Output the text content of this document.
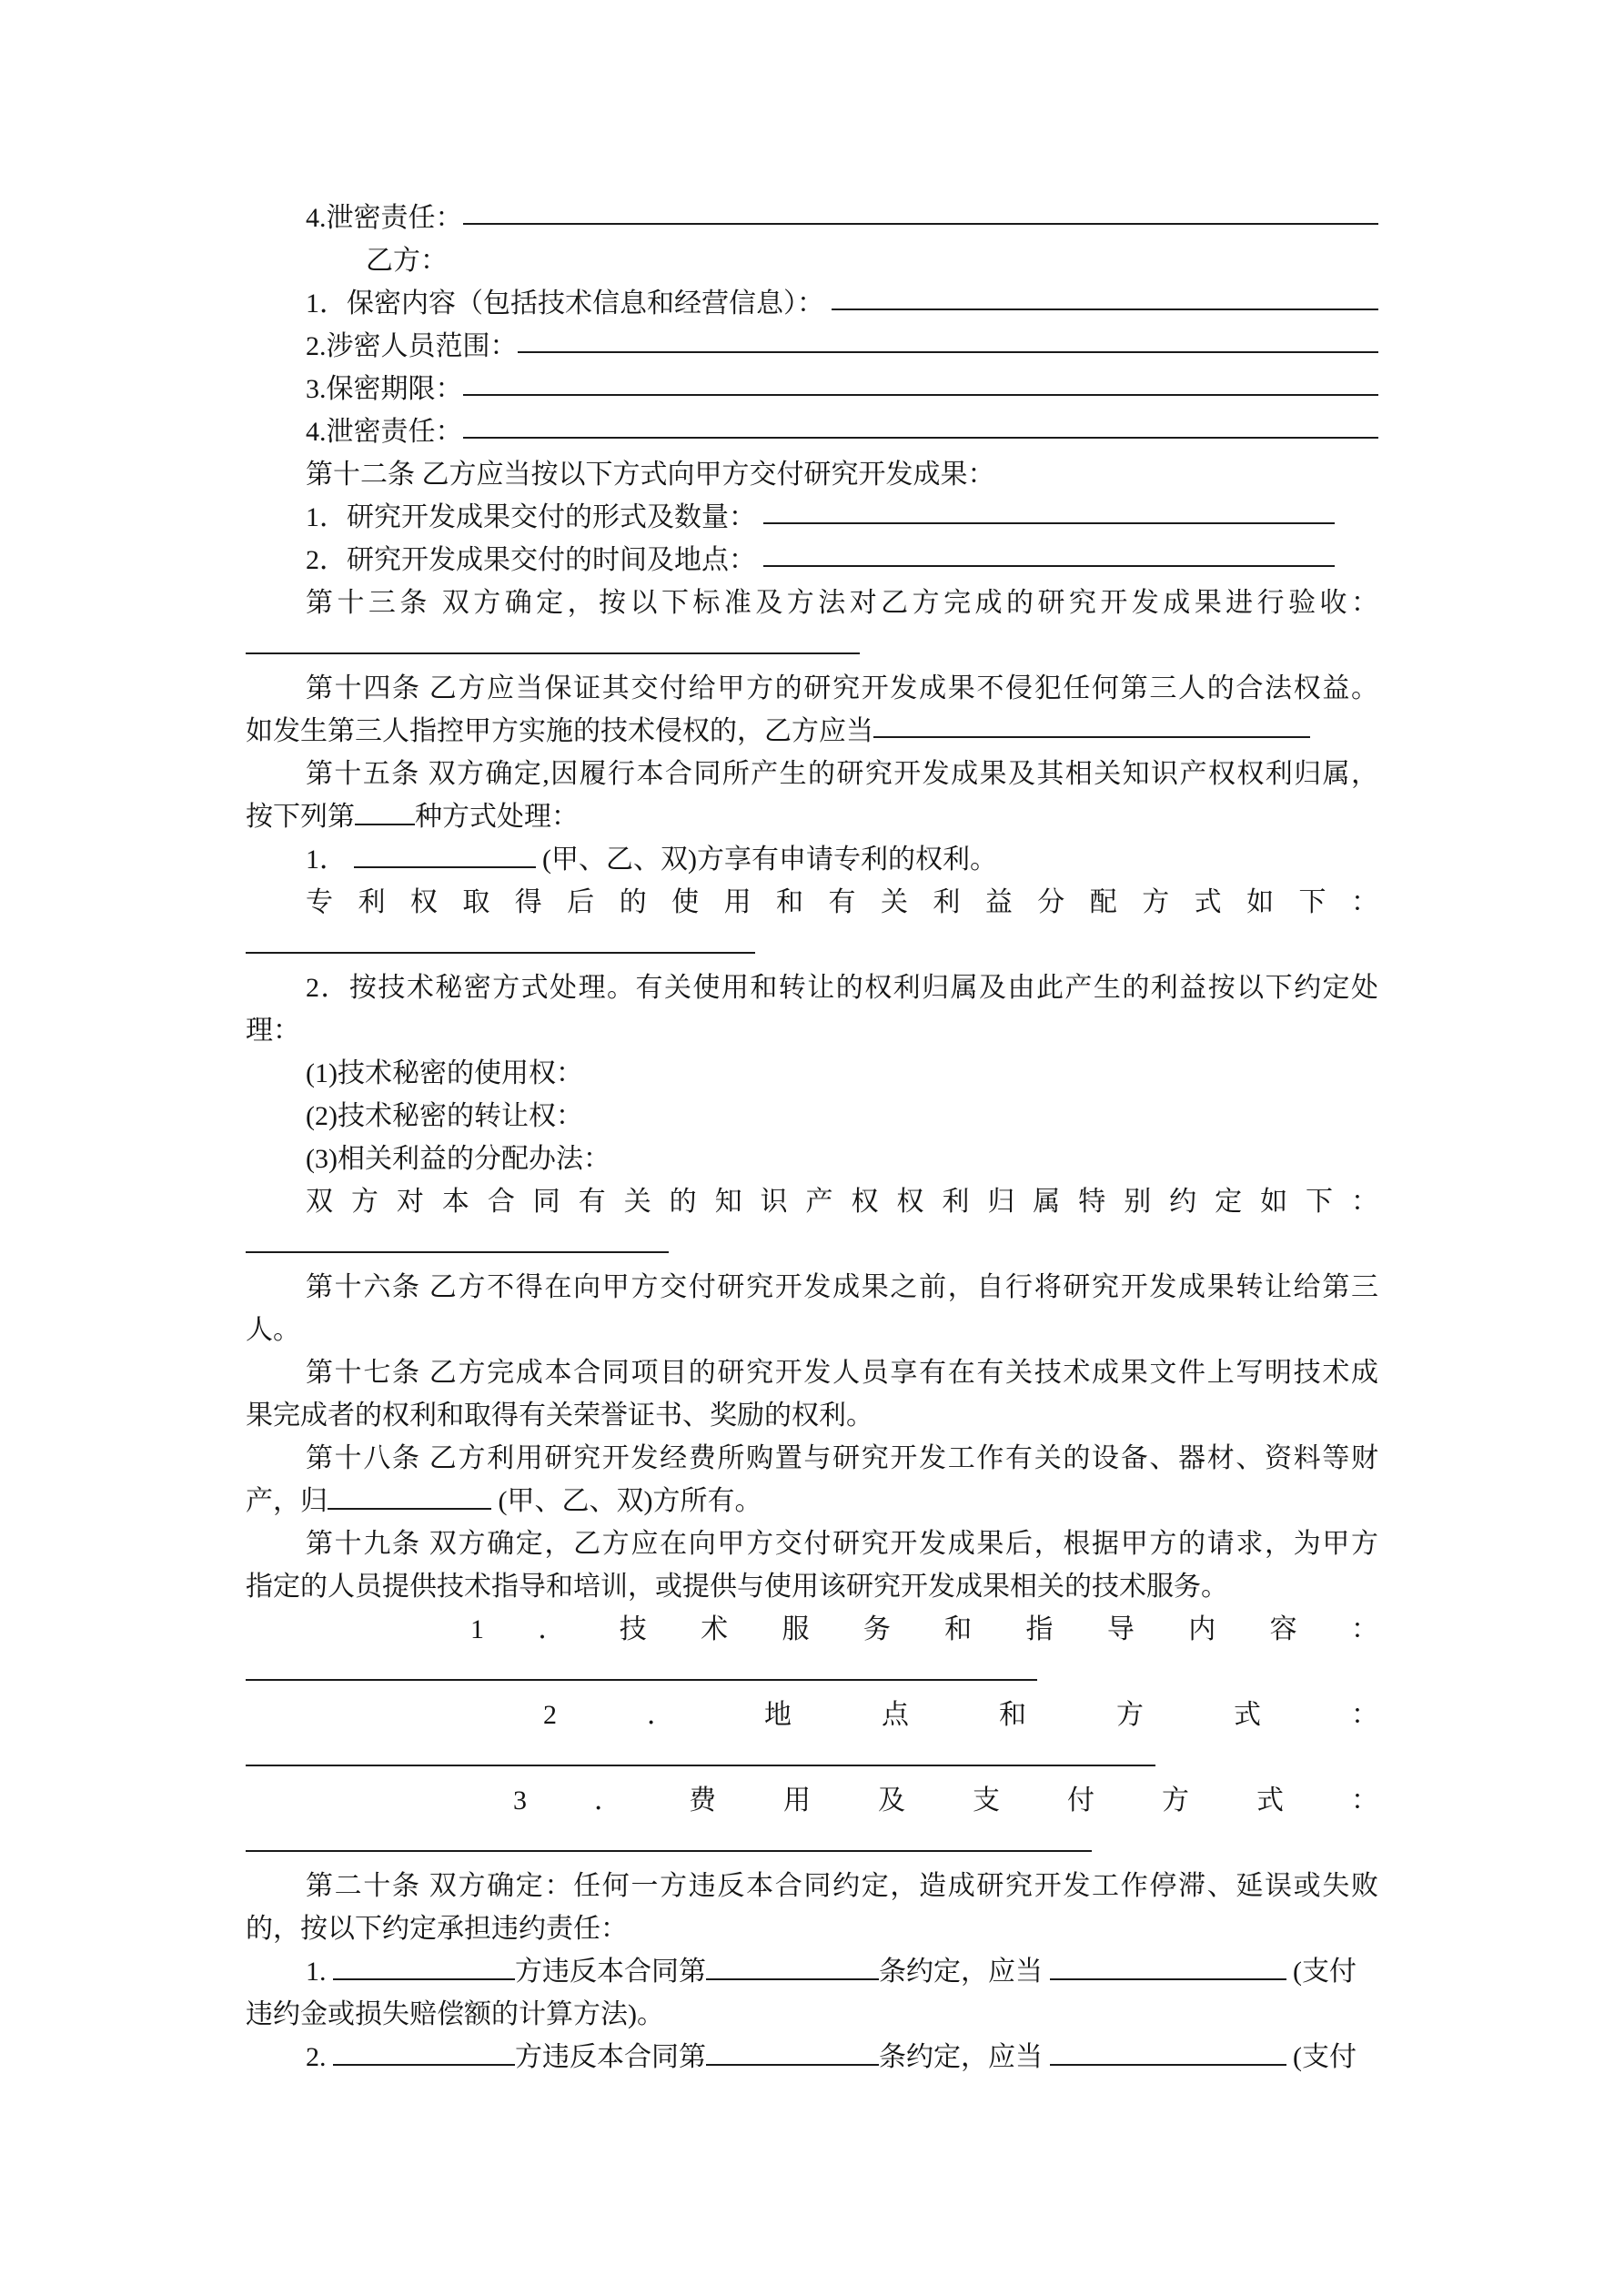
4.泄密责任：
乙方：
1．保密内容（包括技术信息和经营信息）：
2.涉密人员范围：
3.保密期限：
4.泄密责任：
第十二条 乙方应当按以下方式向甲方交付研究开发成果：
1．研究开发成果交付的形式及数量：
2．研究开发成果交付的时间及地点：
第十三条 双方确定，按以下标准及方法对乙方完成的研究开发成果进行验收：
第十四条 乙方应当保证其交付给甲方的研究开发成果不侵犯任何第三人的合法权益。
如发生第三人指控甲方实施的技术侵权的，乙方应当
第十五条 双方确定,因履行本合同所产生的研究开发成果及其相关知识产权权利归属，
按下列第 种方式处理：
1．	(甲、乙、双)方享有申请专利的权利。
专利权取得后的使用和有关利益分配方式如下：
2．按技术秘密方式处理。有关使用和转让的权利归属及由此产生的利益按以下约定处
理：
(1)技术秘密的使用权：
(2)技术秘密的转让权：
(3)相关利益的分配办法：
双方对本合同有关的知识产权权利归属特别约定如下：
第十六条 乙方不得在向甲方交付研究开发成果之前，自行将研究开发成果转让给第三
人。
第十七条 乙方完成本合同项目的研究开发人员享有在有关技术成果文件上写明技术成
果完成者的权利和取得有关荣誉证书、奖励的权利。
第十八条 乙方利用研究开发经费所购置与研究开发工作有关的设备、器材、资料等财
产，归	(甲、乙、双)方所有。
第十九条 双方确定，乙方应在向甲方交付研究开发成果后，根据甲方的请求，为甲方
指定的人员提供技术指导和培训，或提供与使用该研究开发成果相关的技术服务。
1．技术服务和指导内容：
2．地点和方式：
3．费用及支付方式：
第二十条 双方确定：任何一方违反本合同约定，造成研究开发工作停滞、延误或失败
的，按以下约定承担违约责任：
1.	方违反本合同第	条约定，应当	(支付
违约金或损失赔偿额的计算方法)。
2.	方违反本合同第	条约定，应当	(支付
